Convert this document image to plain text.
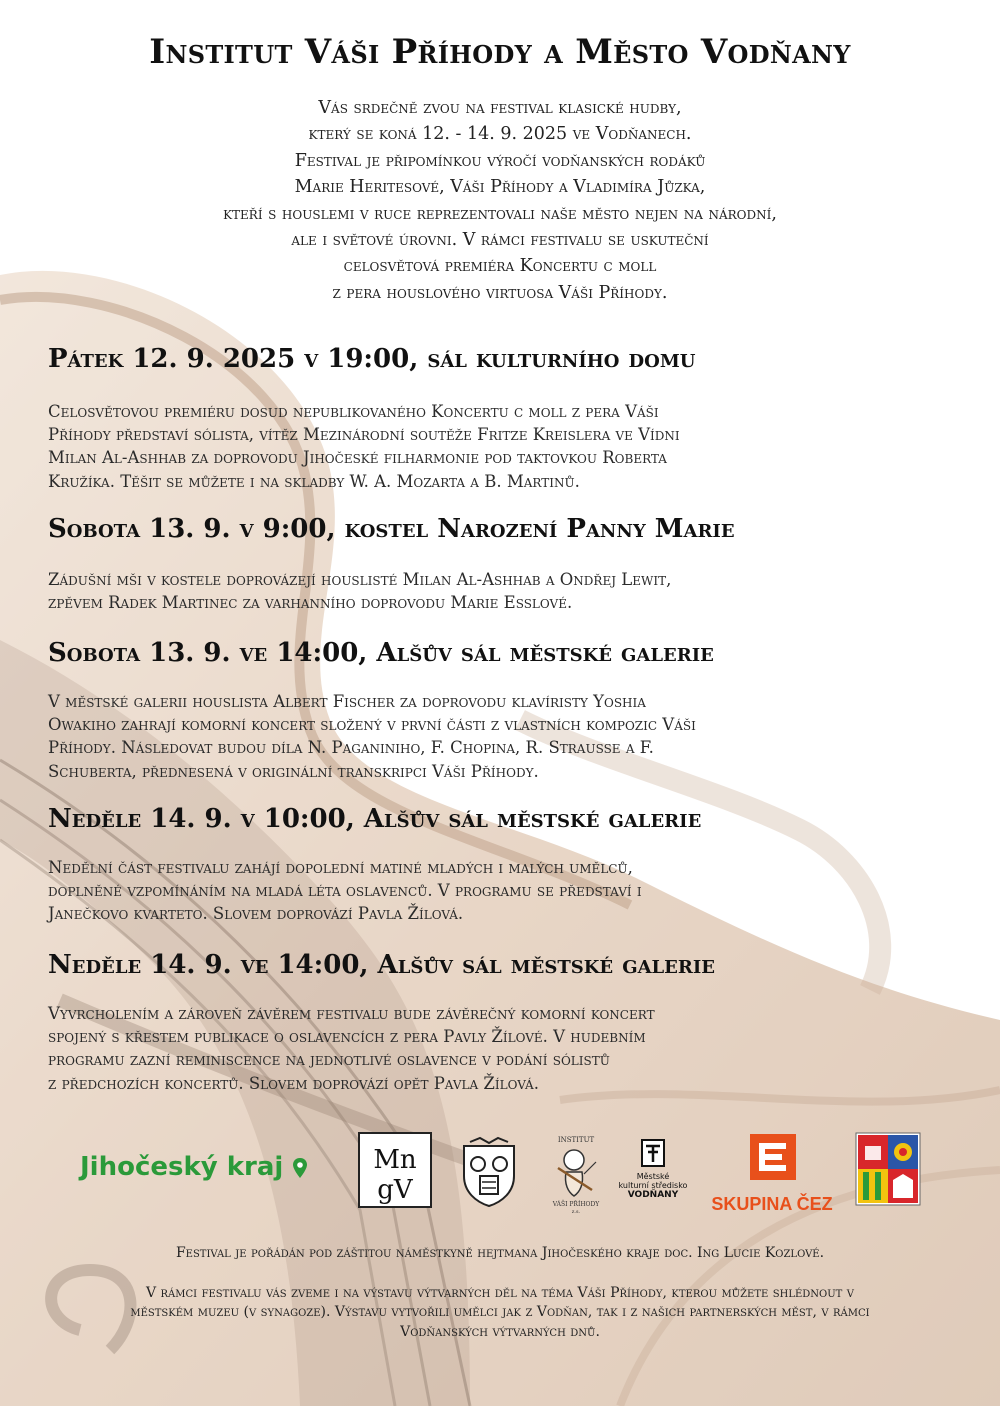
Institut Váši Příhody a Město Vodňany
Vás srdečně zvou na festival klasické hudby,
který se koná 12. - 14. 9. 2025 ve Vodňanech.
Festival je připomínkou výročí vodňanských rodáků
Marie Heritesové, Váši Příhody a Vladimíra Jůzka,
kteří s houslemi v ruce reprezentovali naše město nejen na národní,
ale i světové úrovni. V rámci festivalu se uskuteční
celosvětová premiéra Koncertu c moll
z pera houslového virtuosa Váši Příhody.
Pátek 12. 9. 2025 v 19:00, sál kulturního domu
Celosvětovou premiéru dosud nepublikovaného Koncertu c moll z pera Váši
Příhody představí sólista, vítěz Mezinárodní soutěže Fritze Kreislera ve Vídni
Milan Al-Ashhab za doprovodu Jihočeské filharmonie pod taktovkou Roberta
Kružíka. Těšit se můžete i na skladby W. A. Mozarta a B. Martinů.
Sobota 13. 9. v 9:00, kostel Narození Panny Marie
Zádušní mši v kostele doprovázejí houslisté Milan Al-Ashhab a Ondřej Lewit,
zpěvem Radek Martinec za varhanního doprovodu Marie Esslové.
Sobota 13. 9. ve 14:00, Alšův sál městské galerie
V městské galerii houslista Albert Fischer za doprovodu klavíristy Yoshia
Owakiho zahrají komorní koncert složený v první části z vlastních kompozic Váši
Příhody. Následovat budou díla N. Paganiniho, F. Chopina, R. Strausse a F.
Schuberta, přednesená v originální transkripci Váši Příhody.
Neděle 14. 9. v 10:00, Alšův sál městské galerie
Nedělní část festivalu zahájí dopolední matiné mladých i malých umělců,
doplněné vzpomínáním na mladá léta oslavenců. V programu se představí i
Janečkovo kvarteto. Slovem doprovází Pavla Žílová.
Neděle 14. 9. ve 14:00, Alšův sál městské galerie
Vyvrcholením a zároveň závěrem festivalu bude závěrečný komorní koncert
spojený s křestem publikace o oslavencích z pera Pavly Žílové. V hudebním
programu zazní reminiscence na jednotlivé oslavence v podání sólistů
z předchozích koncertů. Slovem doprovází opět Pavla Žílová.
Jihočeský kraj	Mn
gV
INSTITUT
VÁŠI PŘÍHODY
z.s.
Městské
kulturní středisko
VODŇANY	SKUPINA ČEZ

Festival je pořádán pod záštitou náměstkyně hejtmana Jihočeského kraje doc. Ing Lucie Kozlové.

V rámci festivalu vás zveme i na výstavu výtvarných děl na téma Váši Příhody, kterou můžete shlédnout v městském muzeu (v synagoze). Výstavu vytvořili umělci jak z Vodňan, tak i z našich partnerských měst, v rámci Vodňanských výtvarných dnů.
